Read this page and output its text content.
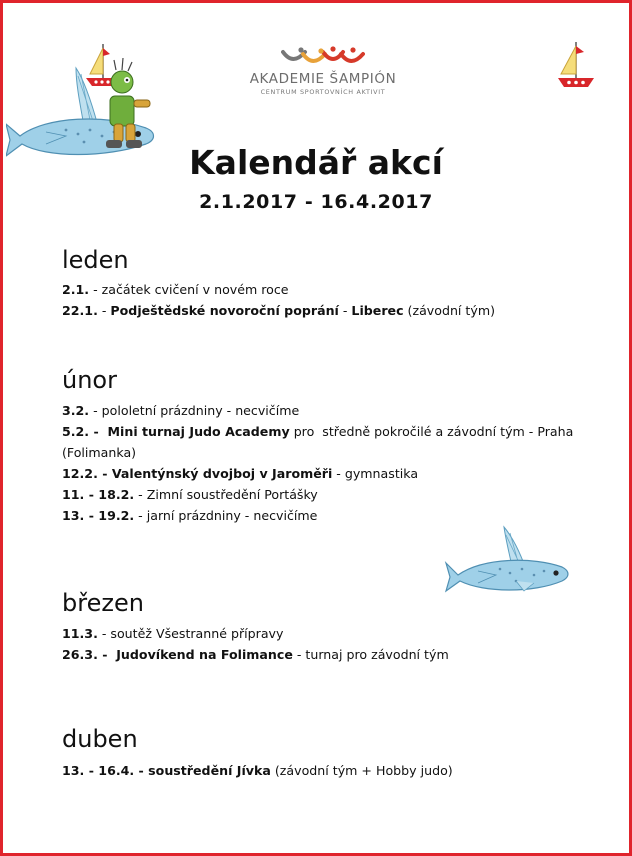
AKADEMIE ŠAMPIÓN
CENTRUM SPORTOVNÍCH AKTIVIT
Kalendář akcí
2.1.2017 - 16.4.2017
leden
2.1. - začátek cvičení v novém roce
22.1. - Podještědské novoroční poprání - Liberec (závodní tým)
únor
3.2. - pololetní prázdniny - necvičíme
5.2. -  Mini turnaj Judo Academy pro  středně pokročilé a závodní tým - Praha
(Folimanka)
12.2. - Valentýnský dvojboj v Jaroměři - gymnastika
11. - 18.2. - Zimní soustředění Portášky
13. - 19.2. - jarní prázdniny - necvičíme
březen
11.3. - soutěž Všestranné přípravy
26.3. -  Judovíkend na Folimance - turnaj pro závodní tým
duben
13. - 16.4. - soustředění Jívka (závodní tým + Hobby judo)
